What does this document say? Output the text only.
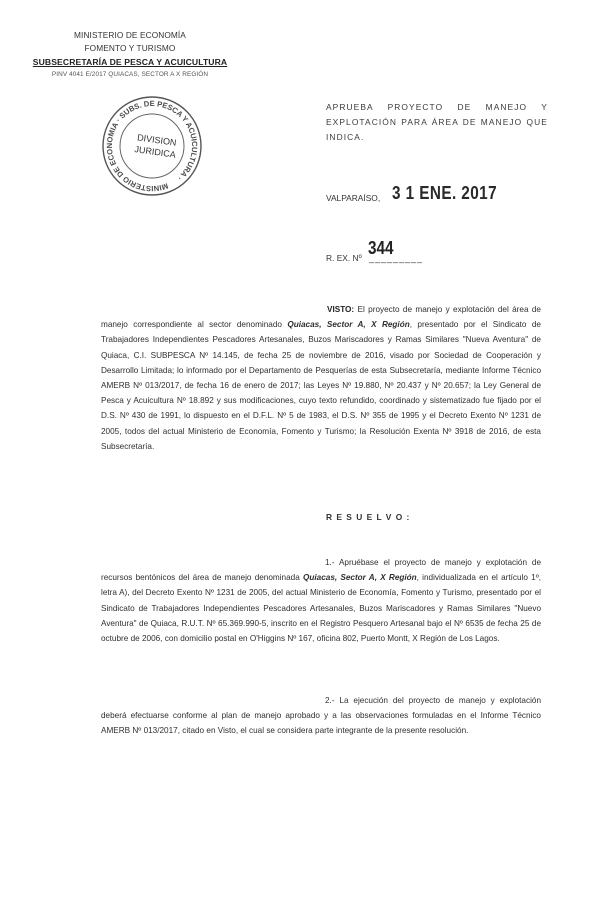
MINISTERIO DE ECONOMÍA
FOMENTO Y TURISMO
SUBSECRETARÍA DE PESCA Y ACUICULTURA
PINV 4041 E/2017 QUIACAS, SECTOR A X REGIÓN
MINISTERIO DE ECONOMIA · SUBS. DE PESCA Y ACUICULTURA ·
DIVISION
JURIDICA
APRUEBA PROYECTO DE MANEJO Y EXPLOTACIÓN PARA ÁREA DE MANEJO QUE INDICA.
VALPARAÍSO, 3 1 ENE. 2017
R. EX. Nº _________
344
VISTO: El proyecto de manejo y explotación del área de manejo correspondiente al sector denominado Quiacas, Sector A, X Región, presentado por el Sindicato de Trabajadores Independientes Pescadores Artesanales, Buzos Mariscadores y Ramas Similares "Nueva Aventura" de Quiaca, C.I. SUBPESCA Nº 14.145, de fecha 25 de noviembre de 2016, visado por Sociedad de Cooperación y Desarrollo Limitada; lo informado por el Departamento de Pesquerías de esta Subsecretaría, mediante Informe Técnico AMERB Nº 013/2017, de fecha 16 de enero de 2017; las Leyes Nº 19.880, Nº 20.437 y Nº 20.657; la Ley General de Pesca y Acuicultura Nº 18.892 y sus modificaciones, cuyo texto refundido, coordinado y sistematizado fue fijado por el D.S. Nº 430 de 1991, lo dispuesto en el D.F.L. Nº 5 de 1983, el D.S. Nº 355 de 1995 y el Decreto Exento Nº 1231 de 2005, todos del actual Ministerio de Economía, Fomento y Turismo; la Resolución Exenta Nº 3918 de 2016, de esta Subsecretaría.
R E S U E L V O :
1.- Apruébase el proyecto de manejo y explotación de recursos bentónicos del área de manejo denominada Quiacas, Sector A, X Región, individualizada en el artículo 1º, letra A), del Decreto Exento Nº 1231 de 2005, del actual Ministerio de Economía, Fomento y Turismo, presentado por el Sindicato de Trabajadores Independientes Pescadores Artesanales, Buzos Mariscadores y Ramas Similares "Nuevo Aventura" de Quiaca, R.U.T. Nº 65.369.990-5, inscrito en el Registro Pesquero Artesanal bajo el Nº 6535 de fecha 25 de octubre de 2006, con domicilio postal en O'Higgins Nº 167, oficina 802, Puerto Montt, X Región de Los Lagos.
2.- La ejecución del proyecto de manejo y explotación deberá efectuarse conforme al plan de manejo aprobado y a las observaciones formuladas en el Informe Técnico AMERB Nº 013/2017, citado en Visto, el cual se considera parte integrante de la presente resolución.
